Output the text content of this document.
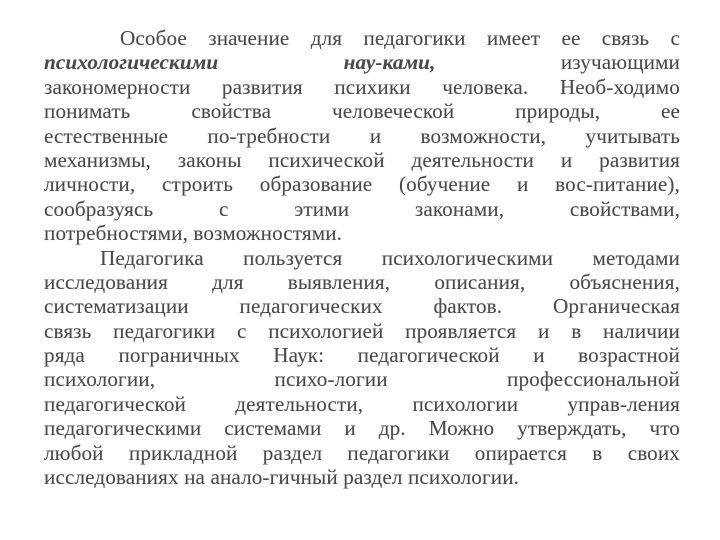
Особое значение для педагогики имеет ее связь с
психологическими	нау-ками,	изучающими
закономерности развития психики человека. Необ-ходимо
понимать	свойства	человеческой	природы,	ее
естественные по-требности и возможности, учитывать
механизмы, законы психической деятельности и развития
личности, строить образование (обучение и вос-питание),
сообразуясь	с	этими	законами,	свойствами,
потребностями, возможностями.
Педагогика пользуется психологическими методами
исследования для выявления, описания, объяснения,
систематизации педагогических фактов. Органическая
связь педагогики с психологией проявляется и в наличии
ряда пограничных Наук: педагогической и возрастной
психологии,	психо-логии	профессиональной
педагогической деятельности, психологии управ-ления
педагогическими системами и др. Можно утверждать, что
любой прикладной раздел педагогики опирается в своих
исследованиях на анало-гичный раздел психологии.
